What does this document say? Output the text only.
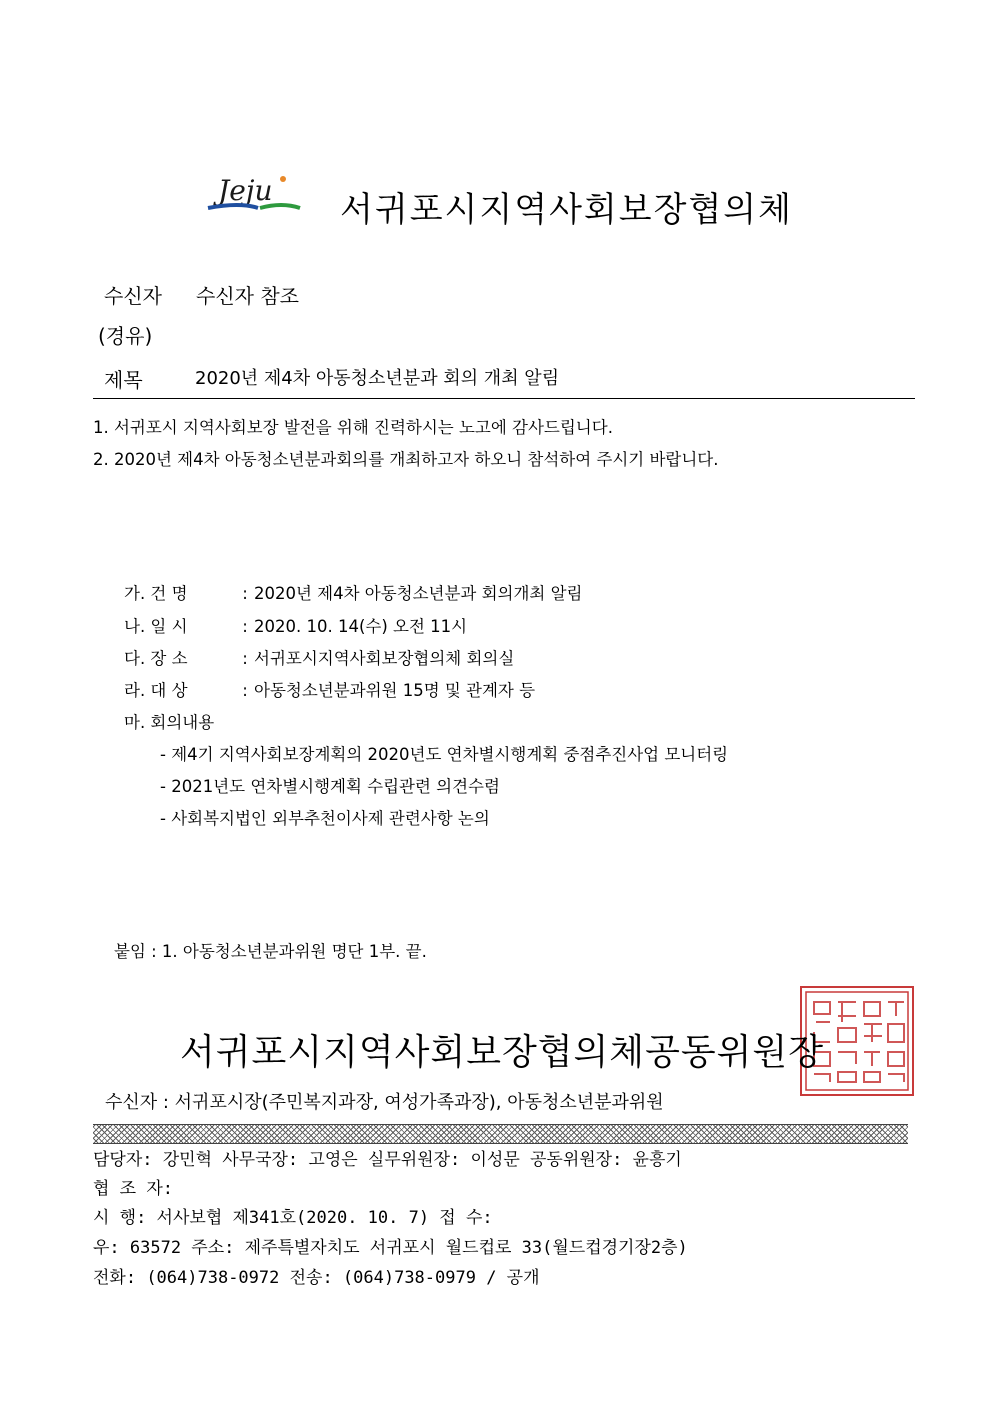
Jeju 서귀포시지역사회보장협의체
수신자 수신자 참조
(경유)
제목	2020년 제4차 아동청소년분과 회의 개최 알림
1. 서귀포시 지역사회보장 발전을 위해 진력하시는 노고에 감사드립니다.
2. 2020년 제4차 아동청소년분과회의를 개최하고자 하오니 참석하여 주시기 바랍니다.
가. 건 명	: 2020년 제4차 아동청소년분과 회의개최 알림
나. 일 시	: 2020. 10. 14(수) 오전 11시
다. 장 소	: 서귀포시지역사회보장협의체 회의실
라. 대 상	: 아동청소년분과위원 15명 및 관계자 등
마. 회의내용
- 제4기 지역사회보장계획의 2020년도 연차별시행계획 중점추진사업 모니터링
- 2021년도 연차별시행계획 수립관련 의견수렴
- 사회복지법인 외부추천이사제 관련사항 논의
붙임 : 1. 아동청소년분과위원 명단 1부. 끝.
서귀포시지역사회보장협의체공동위원장
수신자 : 서귀포시장(주민복지과장, 여성가족과장), 아동청소년분과위원
담당자: 강민혁 사무국장: 고영은 실무위원장: 이성문 공동위원장: 윤흥기
협 조 자:
시 행: 서사보협 제341호(2020. 10. 7) 접 수:
우: 63572 주소: 제주특별자치도 서귀포시 월드컵로 33(월드컵경기장2층)
전화: (064)738-0972 전송: (064)738-0979 / 공개
